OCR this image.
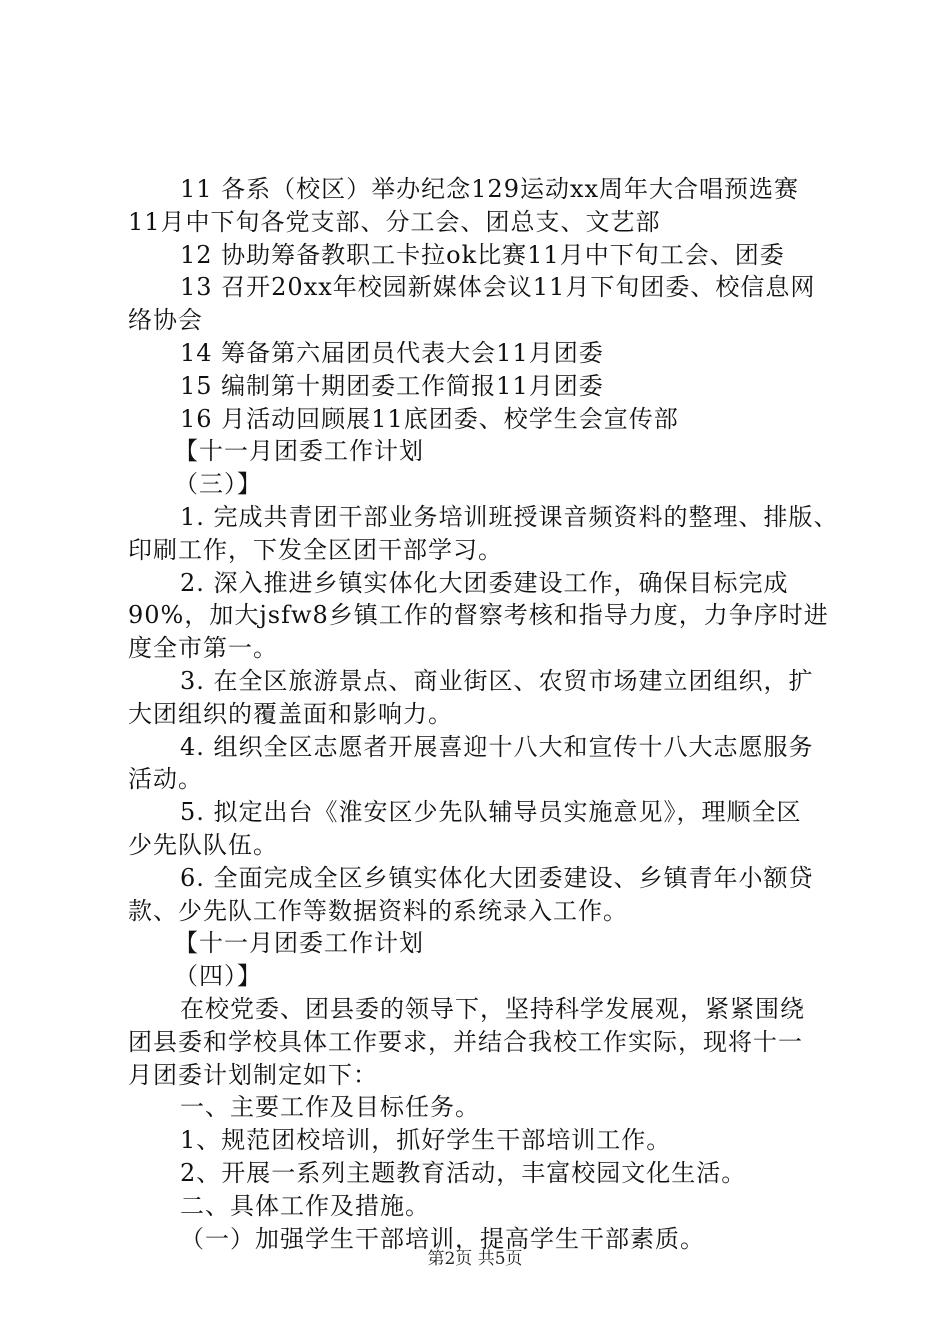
11 各系（校区）举办纪念129运动xx周年大合唱预选赛
11月中下旬各党支部、分工会、团总支、文艺部
12 协助筹备教职工卡拉ok比赛11月中下旬工会、团委
13 召开20xx年校园新媒体会议11月下旬团委、校信息网
络协会
14 筹备第六届团员代表大会11月团委
15 编制第十期团委工作简报11月团委
16 月活动回顾展11底团委、校学生会宣传部
【十一月团委工作计划
（三）】
1. 完成共青团干部业务培训班授课音频资料的整理、排版、
印刷工作，下发全区团干部学习。
2. 深入推进乡镇实体化大团委建设工作，确保目标完成
90%，加大jsfw8乡镇工作的督察考核和指导力度，力争序时进
度全市第一。
3. 在全区旅游景点、商业街区、农贸市场建立团组织，扩
大团组织的覆盖面和影响力。
4. 组织全区志愿者开展喜迎十八大和宣传十八大志愿服务
活动。
5. 拟定出台《淮安区少先队辅导员实施意见》，理顺全区
少先队队伍。
6. 全面完成全区乡镇实体化大团委建设、乡镇青年小额贷
款、少先队工作等数据资料的系统录入工作。
【十一月团委工作计划
（四）】
在校党委、团县委的领导下，坚持科学发展观，紧紧围绕
团县委和学校具体工作要求，并结合我校工作实际，现将十一
月团委计划制定如下：
一、主要工作及目标任务。
1、规范团校培训，抓好学生干部培训工作。
2、开展一系列主题教育活动，丰富校园文化生活。
二、具体工作及措施。
（一）加强学生干部培训，提高学生干部素质。
第2页 共5页
